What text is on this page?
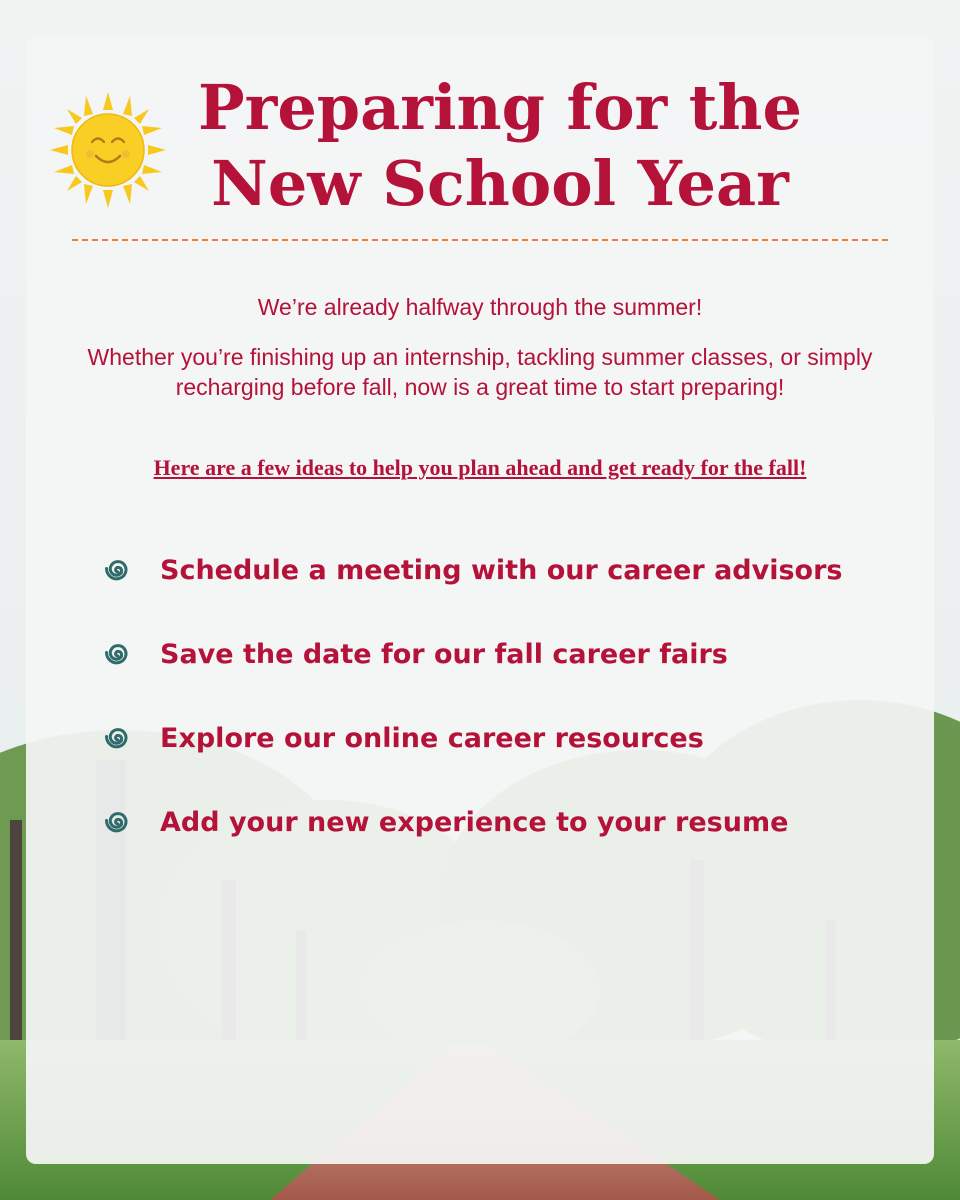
Preparing for the
New School Year

We’re already halfway through the summer!

Whether you’re finishing up an internship, tackling summer classes, or simply recharging before fall, now is a great time to start preparing!

Here are a few ideas to help you plan ahead and get ready for the fall!

Schedule a meeting with our career advisors
Save the date for our fall career fairs
Explore our online career resources
Add your new experience to your resume
